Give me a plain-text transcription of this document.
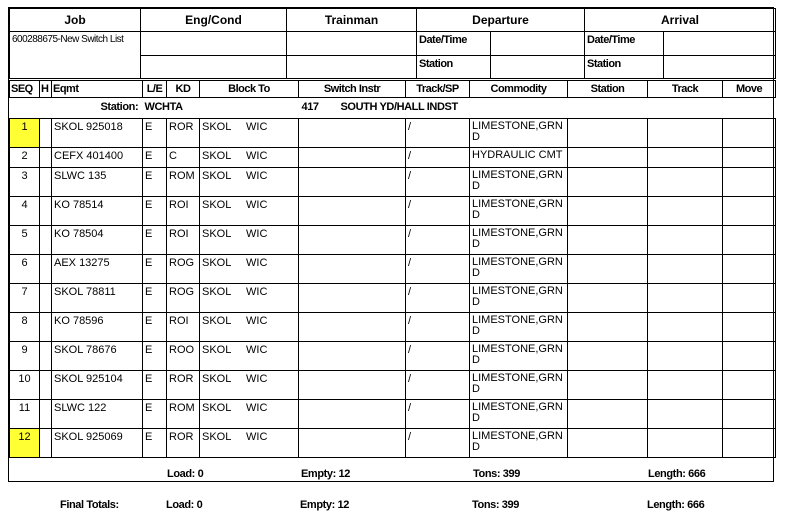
Job	Eng/Cond	Trainman	Departure		Arrival	
600288675-New Switch List			Date/Time		Date/Time	
			Station		Station	
SEQ	H	Eqmt	L/E	KD	Block To	Switch Instr	Track/SP	Commodity	Station	Track	Move

Station: WCHTA 417 SOUTH YD/HALL INDST											

1		SKOL 925018	E	ROR	SKOL WIC		/	LIMESTONE,GRN D			
2		CEFX 401400	E	C	SKOL WIC		/	HYDRAULIC CMT			
3		SLWC 135	E	ROM	SKOL WIC		/	LIMESTONE,GRN D			
4		KO 78514	E	ROI	SKOL WIC		/	LIMESTONE,GRN D			
5		KO 78504	E	ROI	SKOL WIC		/	LIMESTONE,GRN D			
6		AEX 13275	E	ROG	SKOL WIC		/	LIMESTONE,GRN D			
7		SKOL 78811	E	ROG	SKOL WIC		/	LIMESTONE,GRN D			
8		KO 78596	E	ROI	SKOL WIC		/	LIMESTONE,GRN D			
9		SKOL 78676	E	ROO	SKOL WIC		/	LIMESTONE,GRN D			
10		SKOL 925104	E	ROR	SKOL WIC		/	LIMESTONE,GRN D			
11		SLWC 122	E	ROM	SKOL WIC		/	LIMESTONE,GRN D			
12		SKOL 925069	E	ROR	SKOL WIC		/	LIMESTONE,GRN D			
Load: 0	Empty: 12	Tons: 399	Length: 666
Final Totals:	Load: 0	Empty: 12	Tons: 399	Length: 666
